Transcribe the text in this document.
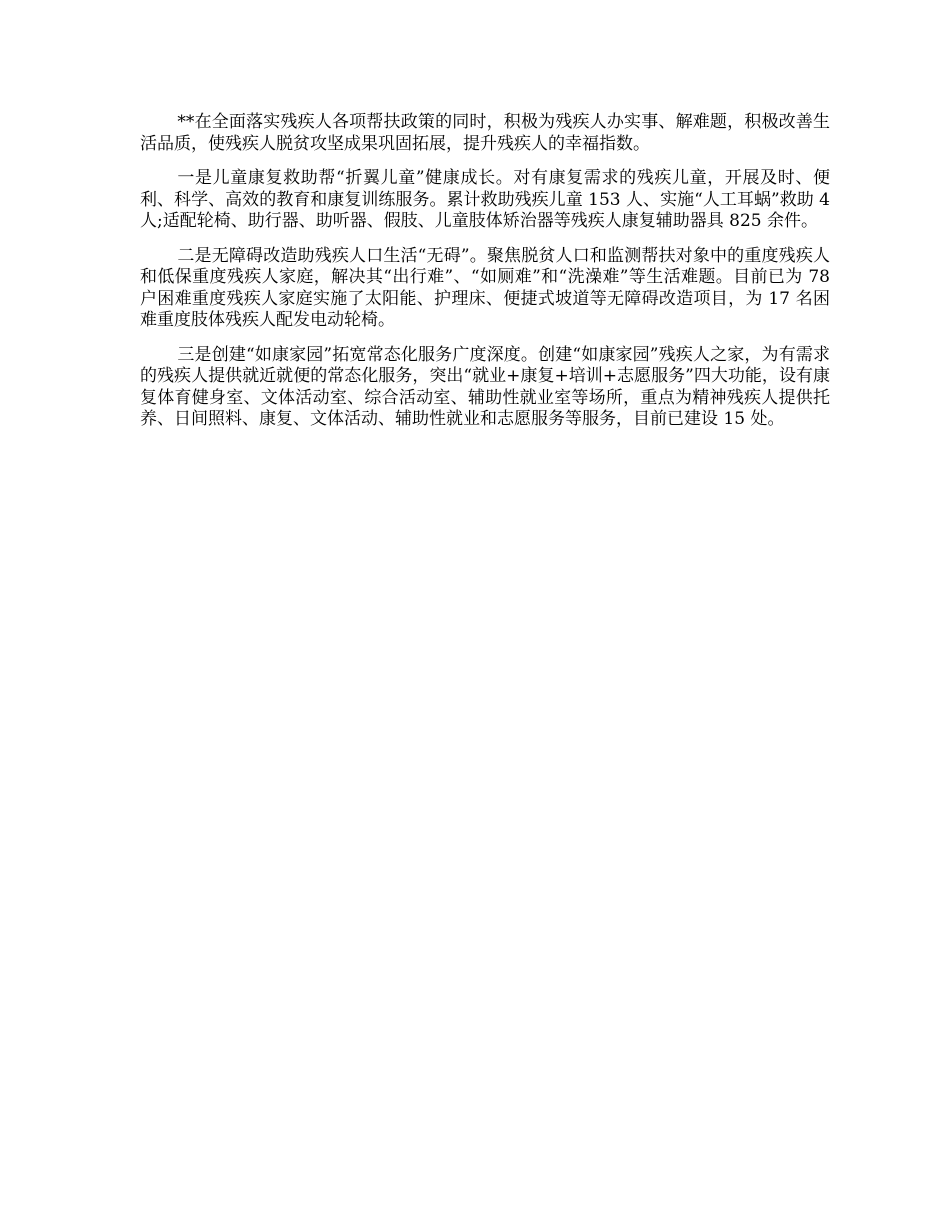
**在全面落实残疾人各项帮扶政策的同时，积极为残疾人办实事、解难题，积极改善生活品质，使残疾人脱贫攻坚成果巩固拓展，提升残疾人的幸福指数。

一是儿童康复救助帮“折翼儿童”健康成长。对有康复需求的残疾儿童，开展及时、便利、科学、高效的教育和康复训练服务。累计救助残疾儿童 153 人、实施“人工耳蜗”救助 4 人;适配轮椅、助行器、助听器、假肢、儿童肢体矫治器等残疾人康复辅助器具 825 余件。

二是无障碍改造助残疾人口生活“无碍”。聚焦脱贫人口和监测帮扶对象中的重度残疾人和低保重度残疾人家庭，解决其“出行难”、“如厕难”和“洗澡难”等生活难题。目前已为 78 户困难重度残疾人家庭实施了太阳能、护理床、便捷式坡道等无障碍改造项目，为 17 名困难重度肢体残疾人配发电动轮椅。

三是创建“如康家园”拓宽常态化服务广度深度。创建“如康家园”残疾人之家，为有需求的残疾人提供就近就便的常态化服务，突出“就业+康复+培训+志愿服务”四大功能，设有康复体育健身室、文体活动室、综合活动室、辅助性就业室等场所，重点为精神残疾人提供托养、日间照料、康复、文体活动、辅助性就业和志愿服务等服务，目前已建设 15 处。
